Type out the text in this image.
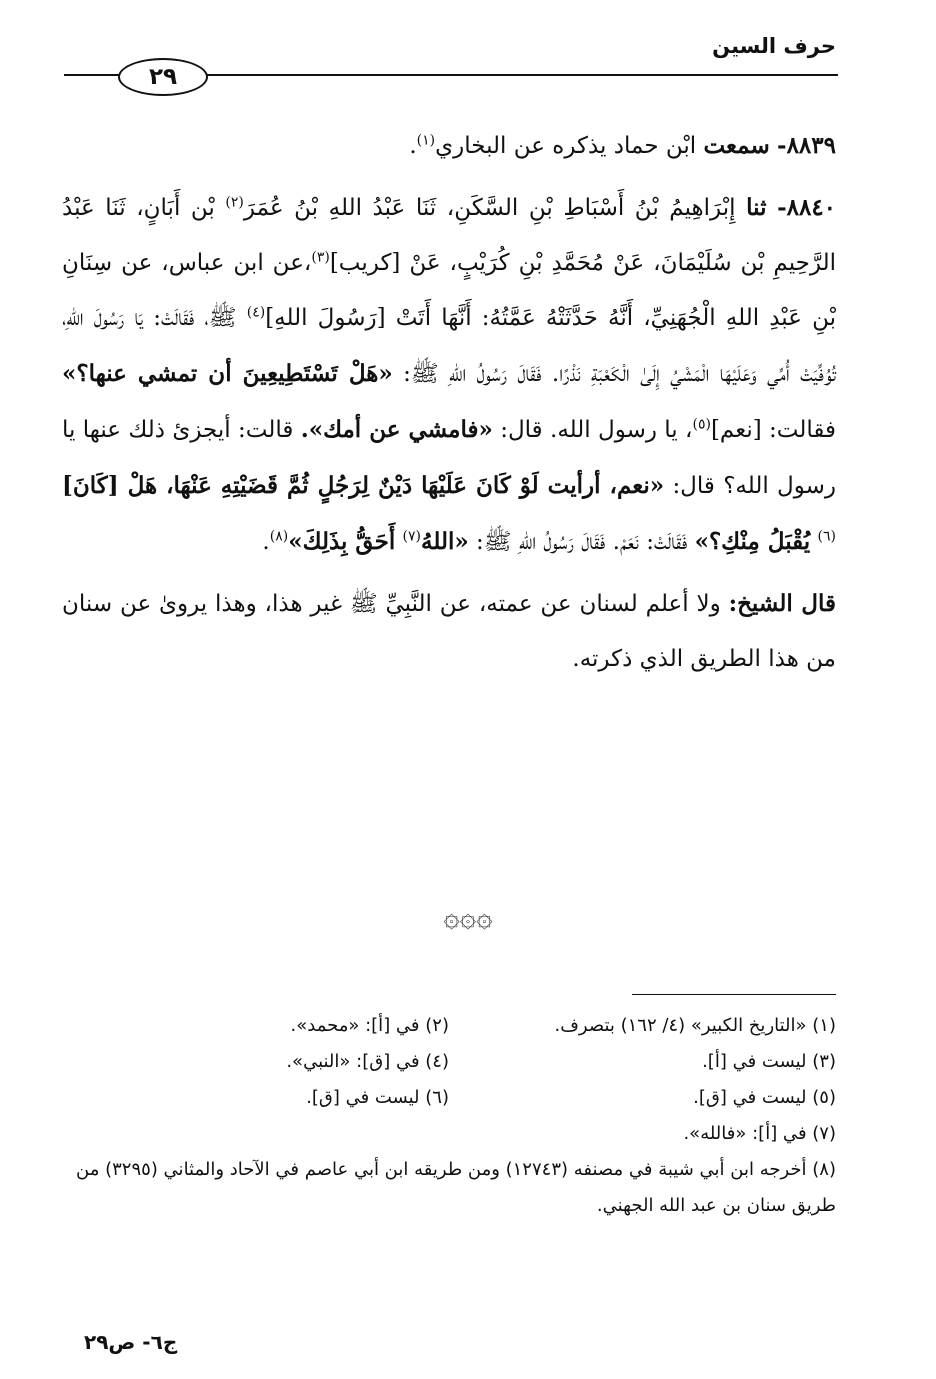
حرف السين
٢٩

٨٨٣٩- سمعت ابْن حماد يذكره عن البخاري$^{(١)}$.

٨٨٤٠- ثنا إِبْرَاهِيمُ بْنُ أَسْبَاطِ بْنِ السَّكَنِ، ثَنَا عَبْدُ اللهِ بْنُ عُمَرَ$^{(٢)}$ بْن أَبَانٍ، ثَنَا عَبْدُ الرَّحِيمِ بْن سُلَيْمَانَ، عَنْ مُحَمَّدِ بْنِ كُرَيْبٍ، عَنْ [كريب]$^{(٣)}$،عن ابن عباس، عن سِنَانِ بْنِ عَبْدِ اللهِ الْجُهَنِيِّ، أَنَّهُ حَدَّثَتْهُ عَمَّتُهُ: أَنَّهَا أَتَتْ [رَسُولَ اللهِ]$^{(٤)}$ ﷺ، فَقَالَتْ: يَا رَسُولَ اللهِ، تُوُفِّيَتْ أُمِّي وَعَلَيْهَا الْمَشْيُ إِلَىٰ الْكَعْبَةِ نَذْرًا. فَقَالَ رَسُولُ اللهِ ﷺ: «هَلْ تَسْتَطِيعِينَ أن تمشي عنها؟» فقالت: [نعم]$^{(٥)}$، يا رسول الله. قال: «فامشي عن أمك». قالت: أيجزئ ذلك عنها يا رسول الله؟ قال: «نعم، أرأيت لَوْ كَانَ عَلَيْهَا دَيْنٌ لِرَجُلٍ ثُمَّ قَضَيْتِهِ عَنْهَا، هَلْ [كَانَ]$^{(٦)}$ يُقْبَلُ مِنْكِ؟» فَقَالَتْ: نَعَمْ. فَقَالَ رَسُولُ اللهِ ﷺ: «اللهُ$^{(٧)}$ أَحَقُّ بِذَلِكَ»$^{(٨)}$.

قال الشيخ: ولا أعلم لسنان عن عمته، عن النَّبِيِّ ﷺ غير هذا، وهذا يروىٰ عن سنان من هذا الطريق الذي ذكرته.

۞۞۞
(١) «التاريخ الكبير» (٤/ ١٦٢) بتصرف.
(٢) في [أ]: «محمد».
(٣) ليست في [أ].
(٤) في [ق]: «النبي».
(٥) ليست في [ق].
(٦) ليست في [ق].
(٧) في [أ]: «فالله».
(٨) أخرجه ابن أبي شيبة في مصنفه (١٢٧٤٣) ومن طريقه ابن أبي عاصم في الآحاد والمثاني (٣٢٩٥) من طريق سنان بن عبد الله الجهني.
ج٦- ص٢٩
